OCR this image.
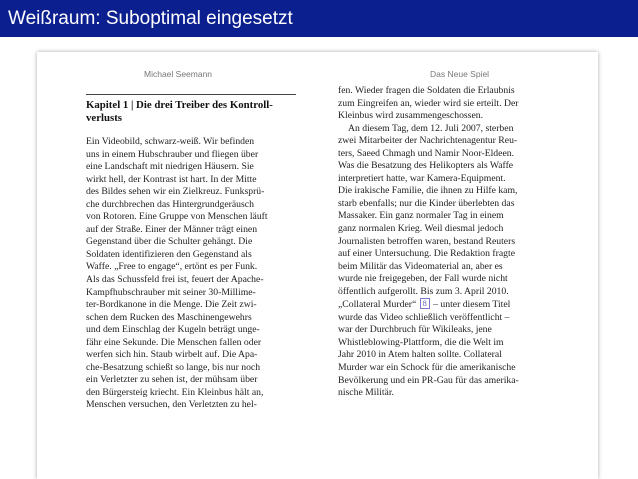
Weißraum: Suboptimal eingesetzt
Michael Seemann	Das Neue Spiel
Kapitel 1 | Die drei Treiber des Kontrollverlusts
Ein Videobild, schwarz-weiß. Wir befinden
uns in einem Hubschrauber und fliegen über
eine Landschaft mit niedrigen Häusern. Sie
wirkt hell, der Kontrast ist hart. In der Mitte
des Bildes sehen wir ein Zielkreuz. Funksprü-
che durchbrechen das Hintergrundgeräusch
von Rotoren. Eine Gruppe von Menschen läuft
auf der Straße. Einer der Männer trägt einen
Gegenstand über die Schulter gehängt. Die
Soldaten identifizieren den Gegenstand als
Waffe. „Free to engage“, ertönt es per Funk.
Als das Schussfeld frei ist, feuert der Apache-
Kampfhubschrauber mit seiner 30-Millime-
ter-Bordkanone in die Menge. Die Zeit zwi-
schen dem Rucken des Maschinengewehrs
und dem Einschlag der Kugeln beträgt unge-
fähr eine Sekunde. Die Menschen fallen oder
werfen sich hin. Staub wirbelt auf. Die Apa-
che-Besatzung schießt so lange, bis nur noch
ein Verletzter zu sehen ist, der mühsam über
den Bürgersteig kriecht. Ein Kleinbus hält an,
Menschen versuchen, den Verletzten zu hel-
fen. Wieder fragen die Soldaten die Erlaubnis
zum Eingreifen an, wieder wird sie erteilt. Der
Kleinbus wird zusammengeschossen.
An diesem Tag, dem 12. Juli 2007, sterben
zwei Mitarbeiter der Nachrichtenagentur Reu-
ters, Saeed Chmagh und Namir Noor-Eldeen.
Was die Besatzung des Helikopters als Waffe
interpretiert hatte, war Kamera-Equipment.
Die irakische Familie, die ihnen zu Hilfe kam,
starb ebenfalls; nur die Kinder überlebten das
Massaker. Ein ganz normaler Tag in einem
ganz normalen Krieg. Weil diesmal jedoch
Journalisten betroffen waren, bestand Reuters
auf einer Untersuchung. Die Redaktion fragte
beim Militär das Videomaterial an, aber es
wurde nie freigegeben, der Fall wurde nicht
öffentlich aufgerollt. Bis zum 3. April 2010.
„Collateral Murder“ 8 – unter diesem Titel
wurde das Video schließlich veröffentlicht –
war der Durchbruch für Wikileaks, jene
Whistleblowing-Plattform, die die Welt im
Jahr 2010 in Atem halten sollte. Collateral
Murder war ein Schock für die amerikanische
Bevölkerung und ein PR-Gau für das amerika-
nische Militär.
